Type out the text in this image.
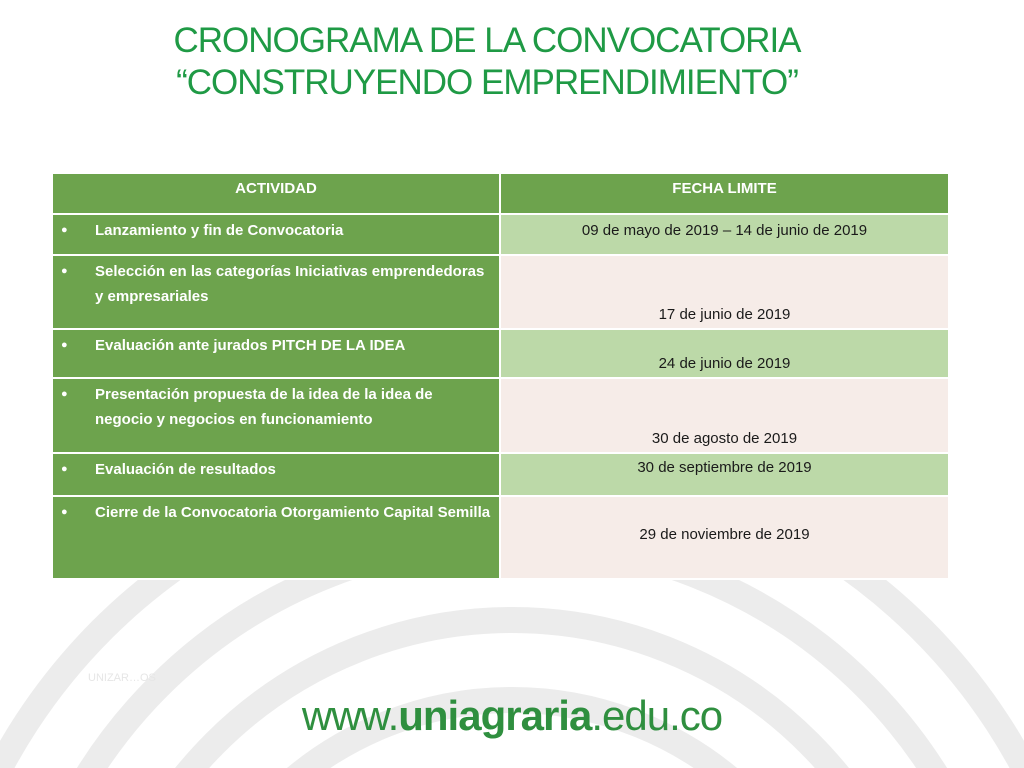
CRONOGRAMA DE LA CONVOCATORIA
“CONSTRUYENDO EMPRENDIMIENTO”
ACTIVIDAD	FECHA LIMITE

● Lanzamiento y fin de Convocatoria	09 de mayo de 2019 – 14 de junio de 2019

● Selección en las categorías Iniciativas emprendedoras y empresariales	17 de junio de 2019

● Evaluación ante jurados PITCH DE LA IDEA	24 de junio de 2019

● Presentación propuesta de la idea de la idea de negocio y negocios en funcionamiento	30 de agosto de 2019

● Evaluación de resultados	30 de septiembre de 2019

● Cierre de la Convocatoria Otorgamiento Capital Semilla	29 de noviembre de 2019
UNIZAR…OS
www.uniagraria.edu.co
